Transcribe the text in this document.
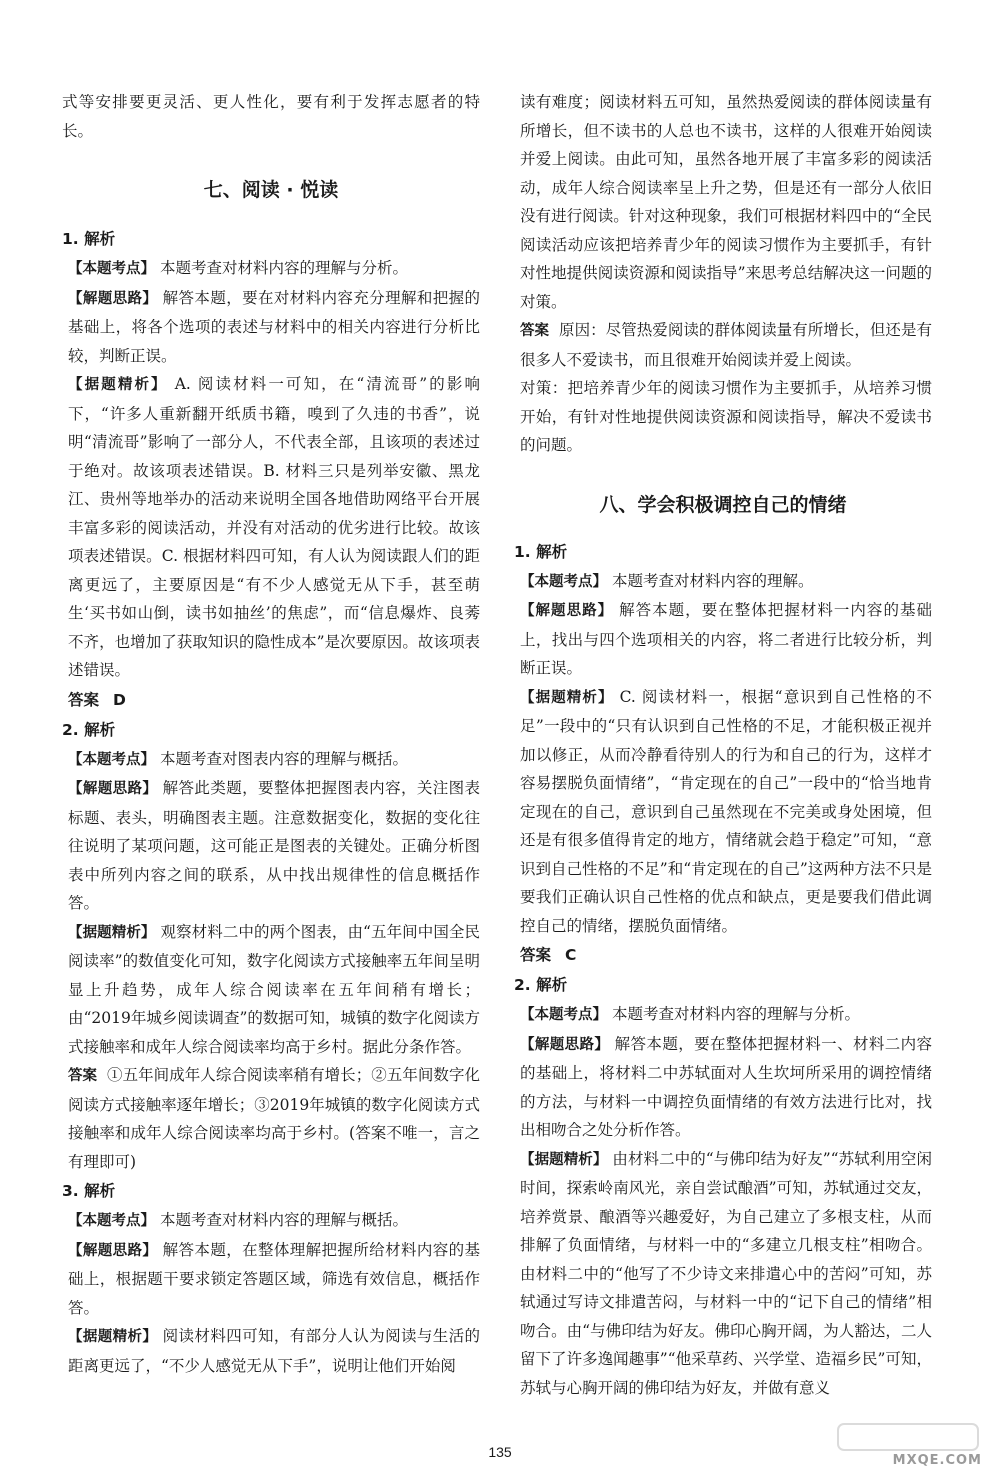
式等安排要更灵活、更人性化，要有利于发挥志愿者的特长。

七、阅读 · 悦读
1. 解析

【本题考点】 本题考查对材料内容的理解与分析。

【解题思路】 解答本题，要在对材料内容充分理解和把握的基础上，将各个选项的表述与材料中的相关内容进行分析比较，判断正误。

【据题精析】 A. 阅读材料一可知，在“清流哥”的影响下，“许多人重新翻开纸质书籍，嗅到了久违的书香”，说明“清流哥”影响了一部分人，不代表全部，且该项的表述过于绝对。故该项表述错误。B. 材料三只是列举安徽、黑龙江、贵州等地举办的活动来说明全国各地借助网络平台开展丰富多彩的阅读活动，并没有对活动的优劣进行比较。故该项表述错误。C. 根据材料四可知，有人认为阅读跟人们的距离更远了，主要原因是“有不少人感觉无从下手，甚至萌生‘买书如山倒，读书如抽丝’的焦虑”，而“信息爆炸、良莠不齐，也增加了获取知识的隐性成本”是次要原因。故该项表述错误。

答案 D
2. 解析

【本题考点】 本题考查对图表内容的理解与概括。

【解题思路】 解答此类题，要整体把握图表内容，关注图表标题、表头，明确图表主题。注意数据变化，数据的变化往往说明了某项问题，这可能正是图表的关键处。正确分析图表中所列内容之间的联系，从中找出规律性的信息概括作答。

【据题精析】 观察材料二中的两个图表，由“五年间中国全民阅读率”的数值变化可知，数字化阅读方式接触率五年间呈明显上升趋势，成年人综合阅读率在五年间稍有增长；由“2019年城乡阅读调查”的数据可知，城镇的数字化阅读方式接触率和成年人综合阅读率均高于乡村。据此分条作答。

答案 ①五年间成年人综合阅读率稍有增长；②五年间数字化阅读方式接触率逐年增长；③2019年城镇的数字化阅读方式接触率和成年人综合阅读率均高于乡村。(答案不唯一，言之有理即可)

3. 解析

【本题考点】 本题考查对材料内容的理解与概括。

【解题思路】 解答本题，在整体理解把握所给材料内容的基础上，根据题干要求锁定答题区域，筛选有效信息，概括作答。

【据题精析】 阅读材料四可知，有部分人认为阅读与生活的距离更远了，“不少人感觉无从下手”，说明让他们开始阅

读有难度；阅读材料五可知，虽然热爱阅读的群体阅读量有所增长，但不读书的人总也不读书，这样的人很难开始阅读并爱上阅读。由此可知，虽然各地开展了丰富多彩的阅读活动，成年人综合阅读率呈上升之势，但是还有一部分人依旧没有进行阅读。针对这种现象，我们可根据材料四中的“全民阅读活动应该把培养青少年的阅读习惯作为主要抓手，有针对性地提供阅读资源和阅读指导”来思考总结解决这一问题的对策。

答案 原因：尽管热爱阅读的群体阅读量有所增长，但还是有很多人不爱读书，而且很难开始阅读并爱上阅读。

对策：把培养青少年的阅读习惯作为主要抓手，从培养习惯开始，有针对性地提供阅读资源和阅读指导，解决不爱读书的问题。

八、学会积极调控自己的情绪
1. 解析

【本题考点】 本题考查对材料内容的理解。

【解题思路】 解答本题，要在整体把握材料一内容的基础上，找出与四个选项相关的内容，将二者进行比较分析，判断正误。

【据题精析】 C. 阅读材料一，根据“意识到自己性格的不足”一段中的“只有认识到自己性格的不足，才能积极正视并加以修正，从而冷静看待别人的行为和自己的行为，这样才容易摆脱负面情绪”，“肯定现在的自己”一段中的“恰当地肯定现在的自己，意识到自己虽然现在不完美或身处困境，但还是有很多值得肯定的地方，情绪就会趋于稳定”可知，“意识到自己性格的不足”和“肯定现在的自己”这两种方法不只是要我们正确认识自己性格的优点和缺点，更是要我们借此调控自己的情绪，摆脱负面情绪。

答案 C
2. 解析

【本题考点】 本题考查对材料内容的理解与分析。

【解题思路】 解答本题，要在整体把握材料一、材料二内容的基础上，将材料二中苏轼面对人生坎坷所采用的调控情绪的方法，与材料一中调控负面情绪的有效方法进行比对，找出相吻合之处分析作答。

【据题精析】 由材料二中的“与佛印结为好友”“苏轼利用空闲时间，探索岭南风光，亲自尝试酿酒”可知，苏轼通过交友，培养赏景、酿酒等兴趣爱好，为自己建立了多根支柱，从而排解了负面情绪，与材料一中的“多建立几根支柱”相吻合。由材料二中的“他写了不少诗文来排遣心中的苦闷”可知，苏轼通过写诗文排遣苦闷，与材料一中的“记下自己的情绪”相吻合。由“与佛印结为好友。佛印心胸开阔，为人豁达，二人留下了许多逸闻趣事”“他采草药、兴学堂、造福乡民”可知，苏轼与心胸开阔的佛印结为好友，并做有意义

135
MXQE.COM
